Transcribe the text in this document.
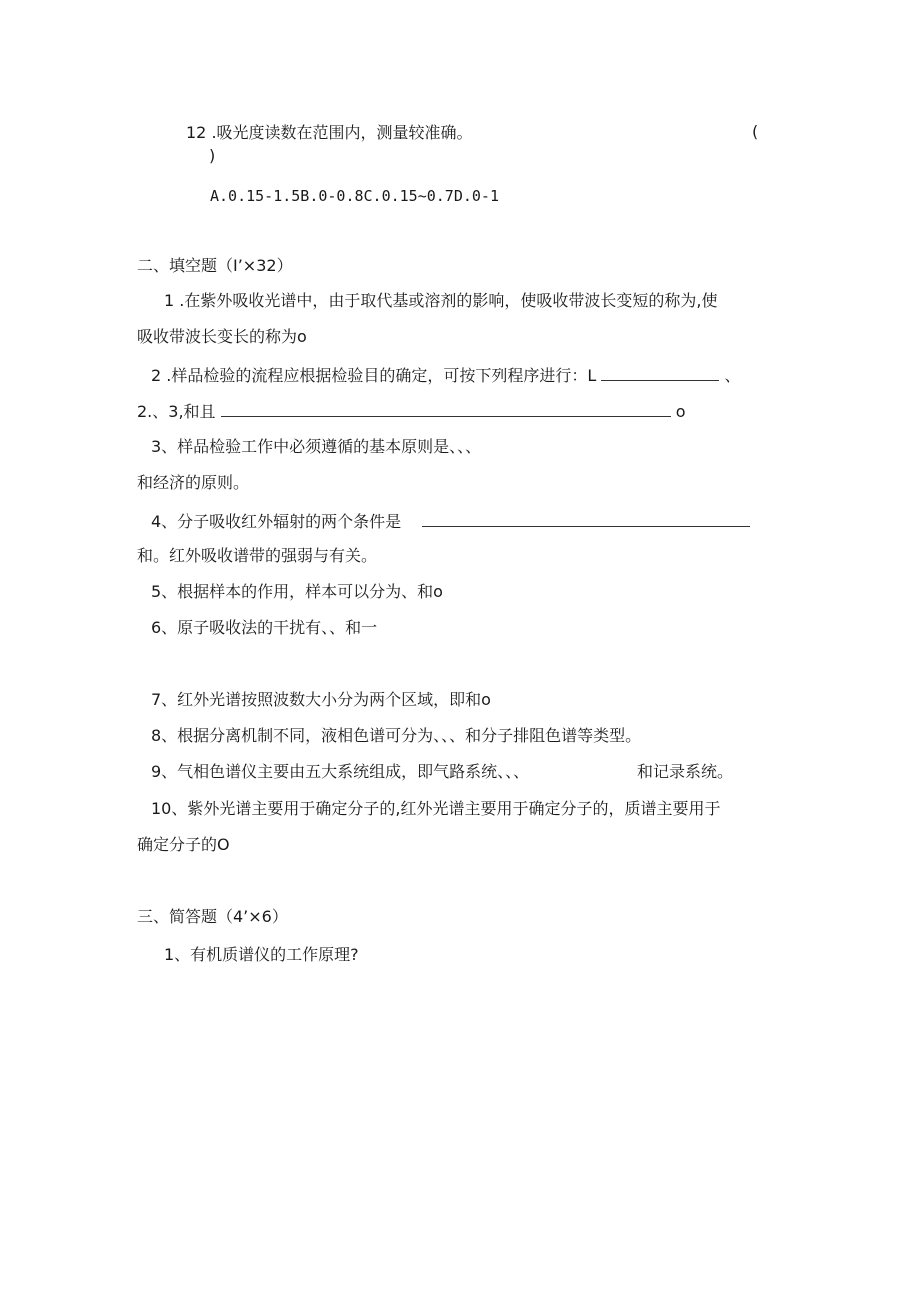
12 .吸光度读数在范围内，测量较准确。	(
)
A.0.15-1.5B.0-0.8C.0.15~0.7D.0-1
二、填空题（I’×32）
1 .在紫外吸收光谱中，由于取代基或溶剂的影响，使吸收带波长变短的称为,使
吸收带波长变长的称为o
2 .样品检验的流程应根据检验目的确定，可按下列程序进行：L	、
2.、3,和且	o
3、样品检验工作中必须遵循的基本原则是、、、
和经济的原则。
4、分子吸收红外辐射的两个条件是
和。红外吸收谱带的强弱与有关。
5、根据样本的作用，样本可以分为、和o
6、原子吸收法的干扰有、、和一
7、红外光谱按照波数大小分为两个区域，即和o
8、根据分离机制不同，液相色谱可分为、、、和分子排阻色谱等类型。
9、气相色谱仪主要由五大系统组成，即气路系统、、、	和记录系统。
10、紫外光谱主要用于确定分子的,红外光谱主要用于确定分子的，质谱主要用于
确定分子的O
三、简答题（4’×6）
1、有机质谱仪的工作原理?
